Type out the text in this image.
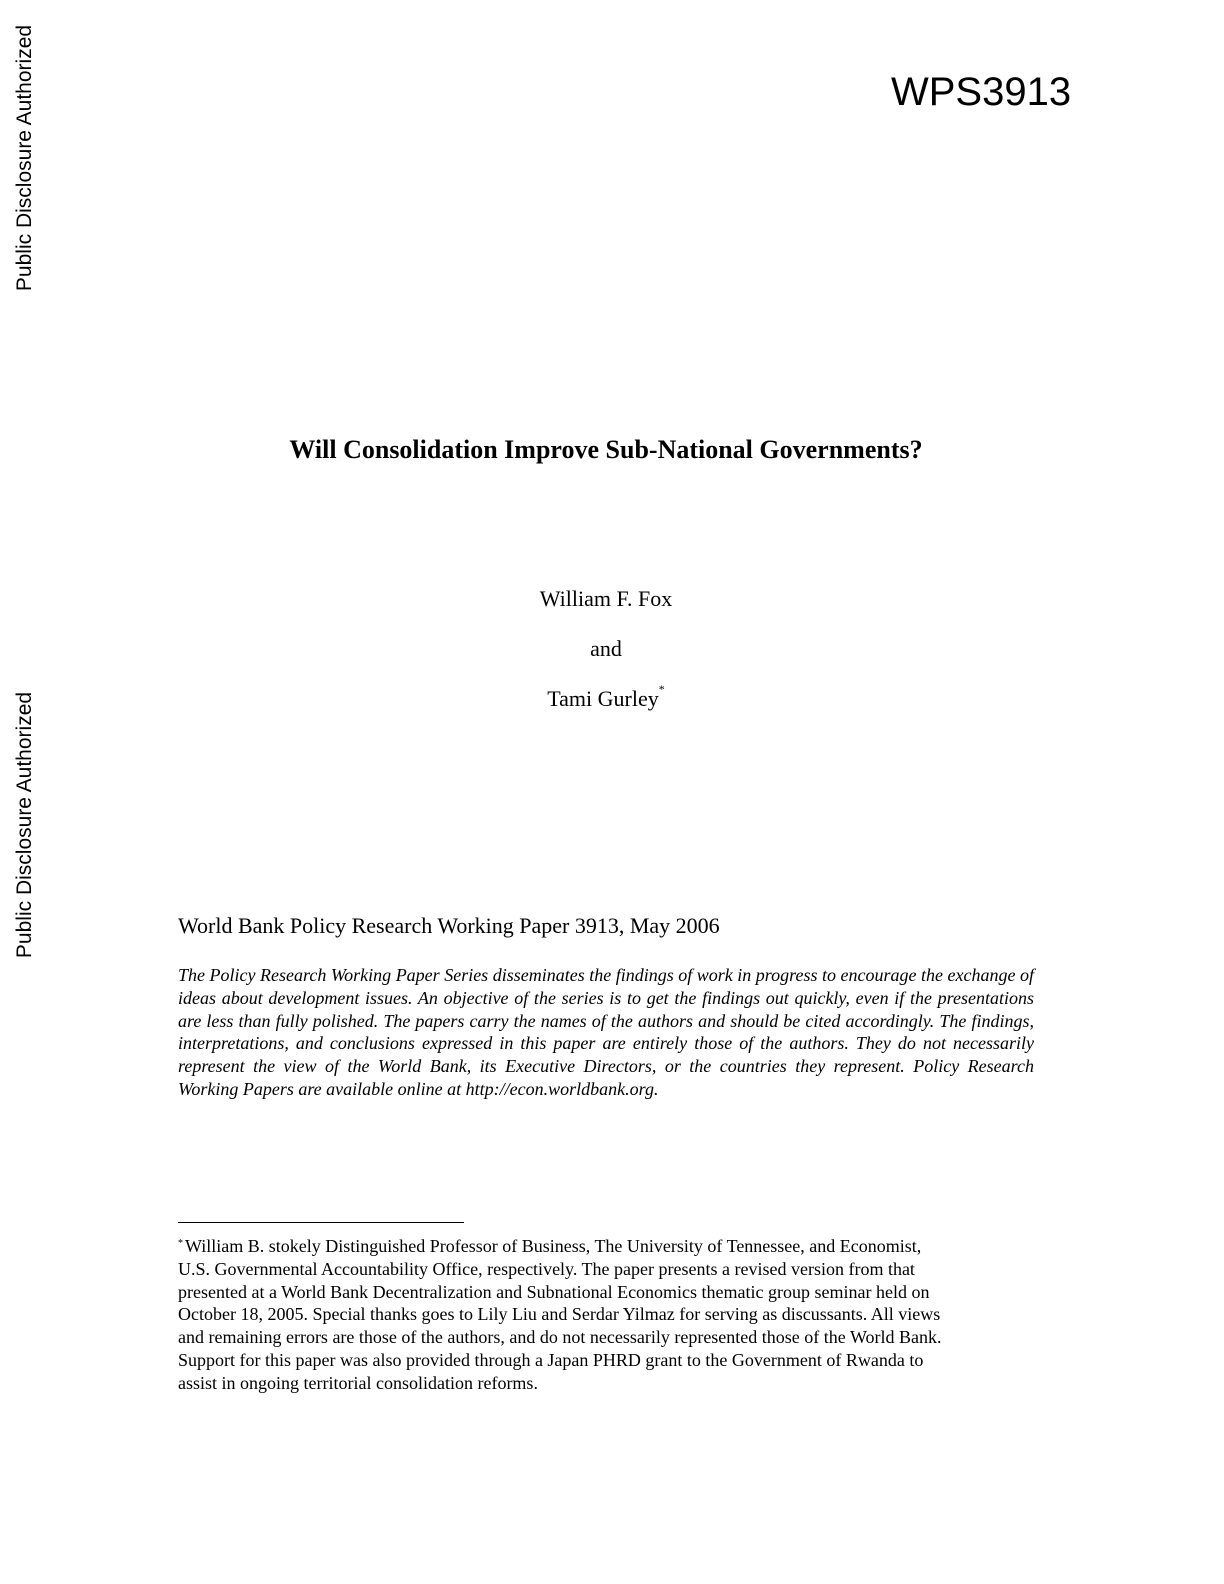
Public Disclosure Authorized
Public Disclosure Authorized
WPS3913
Will Consolidation Improve Sub-National Governments?
William F. Fox
and
Tami Gurley*
World Bank Policy Research Working Paper 3913, May 2006

The Policy Research Working Paper Series disseminates the findings of work in progress to encourage the exchange of ideas about development issues. An objective of the series is to get the findings out quickly, even if the presentations are less than fully polished. The papers carry the names of the authors and should be cited accordingly. The findings, interpretations, and conclusions expressed in this paper are entirely those of the authors. They do not necessarily represent the view of the World Bank, its Executive Directors, or the countries they represent. Policy Research Working Papers are available online at http://econ.worldbank.org.

* William B. stokely Distinguished Professor of Business, The University of Tennessee, and Economist,
U.S. Governmental Accountability Office, respectively. The paper presents a revised version from that
presented at a World Bank Decentralization and Subnational Economics thematic group seminar held on
October 18, 2005. Special thanks goes to Lily Liu and Serdar Yilmaz for serving as discussants. All views
and remaining errors are those of the authors, and do not necessarily represented those of the World Bank.
Support for this paper was also provided through a Japan PHRD grant to the Government of Rwanda to
assist in ongoing territorial consolidation reforms.
